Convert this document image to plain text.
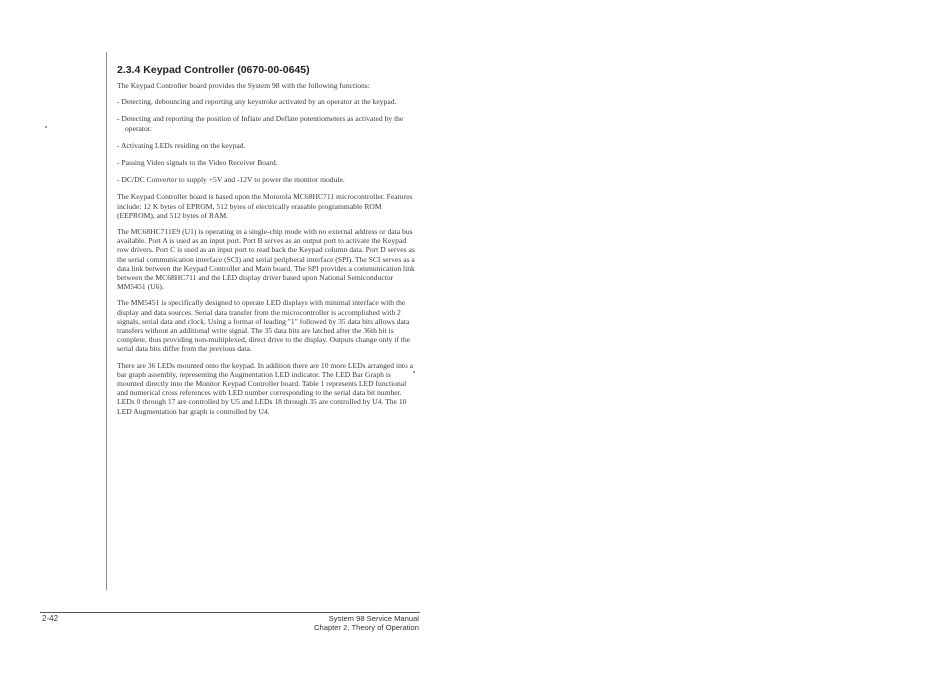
2.3.4 Keypad Controller (0670-00-0645)

The Keypad Controller board provides the System 98 with the following functions:

- Detecting, debouncing and reporting any keystroke activated by an operator at the keypad.
- Detecting and reporting the position of Inflate and Deflate potentiometers as activated by the operator.
- Activating LEDs residing on the keypad.
- Passing Video signals to the Video Receiver Board.
- DC/DC Converter to supply +5V and -12V to power the monitor module.

The Keypad Controller board is based upon the Motorola MC68HC711 microcontroller. Features include: 12 K bytes of EPROM, 512 bytes of electrically erasable programmable ROM (EEPROM), and 512 bytes of RAM.

The MC68HC711E9 (U1) is operating in a single-chip mode with no external address or data bus available. Port A is used as an input port. Port B serves as an output port to activate the Keypad row drivers. Port C is used as an input port to read back the Keypad column data. Port D serves as the serial communication interface (SCI) and serial peripheral interface (SPI). The SCI serves as a data link between the Keypad Controller and Main board. The SPI provides a communication link between the MC68HC711 and the LED display driver based upon National Semiconductor MM5451 (U6).

The MM5451 is specifically designed to operate LED displays with minimal interface with the display and data sources. Serial data transfer from the microcontroller is accomplished with 2 signals, serial data and clock. Using a format of leading "1" followed by 35 data bits allows data transfers without an additional write signal. The 35 data bits are latched after the 36th bit is complete, thus providing non-multiplexed, direct drive to the display. Outputs change only if the serial data bits differ from the previous data.

There are 36 LEDs mounted onto the keypad. In addition there are 10 more LEDs arranged into a bar graph assembly, representing the Augmentation LED indicator. The LED Bar Graph is mounted directly into the Monitor Keypad Controller board. Table 1 represents LED functional and numerical cross references with LED number corresponding to the serial data bit number. LEDs 0 through 17 are controlled by U5 and LEDs 18 through 35 are controlled by U4. The 10 LED Augmentation bar graph is controlled by U4.

2-42	System 98 Service Manual
Chapter 2, Theory of Operation
